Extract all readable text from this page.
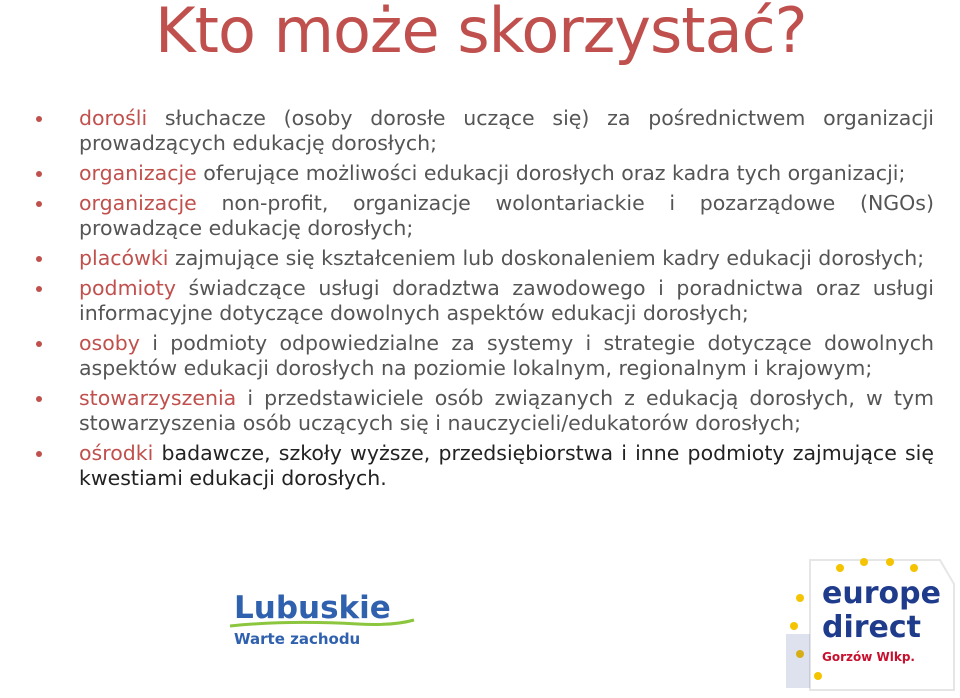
Kto może skorzystać?
dorośli słuchacze (osoby dorosłe uczące się) za pośrednictwem organizacji prowadzących edukację dorosłych;
organizacje oferujące możliwości edukacji dorosłych oraz kadra tych organizacji;
organizacje non-profit, organizacje wolontariackie i pozarządowe (NGOs) prowadzące edukację dorosłych;
placówki zajmujące się kształceniem lub doskonaleniem kadry edukacji dorosłych;
podmioty świadczące usługi doradztwa zawodowego i poradnictwa oraz usługi informacyjne dotyczące dowolnych aspektów edukacji dorosłych;
osoby i podmioty odpowiedzialne za systemy i strategie dotyczące dowolnych aspektów edukacji dorosłych na poziomie lokalnym, regionalnym i krajowym;
stowarzyszenia i przedstawiciele osób związanych z edukacją dorosłych, w tym stowarzyszenia osób uczących się i nauczycieli/edukatorów dorosłych;
ośrodki badawcze, szkoły wyższe, przedsiębiorstwa i inne podmioty zajmujące się kwestiami edukacji dorosłych.
Lubuskie
Warte zachodu
europe
direct
Gorzów Wlkp.
